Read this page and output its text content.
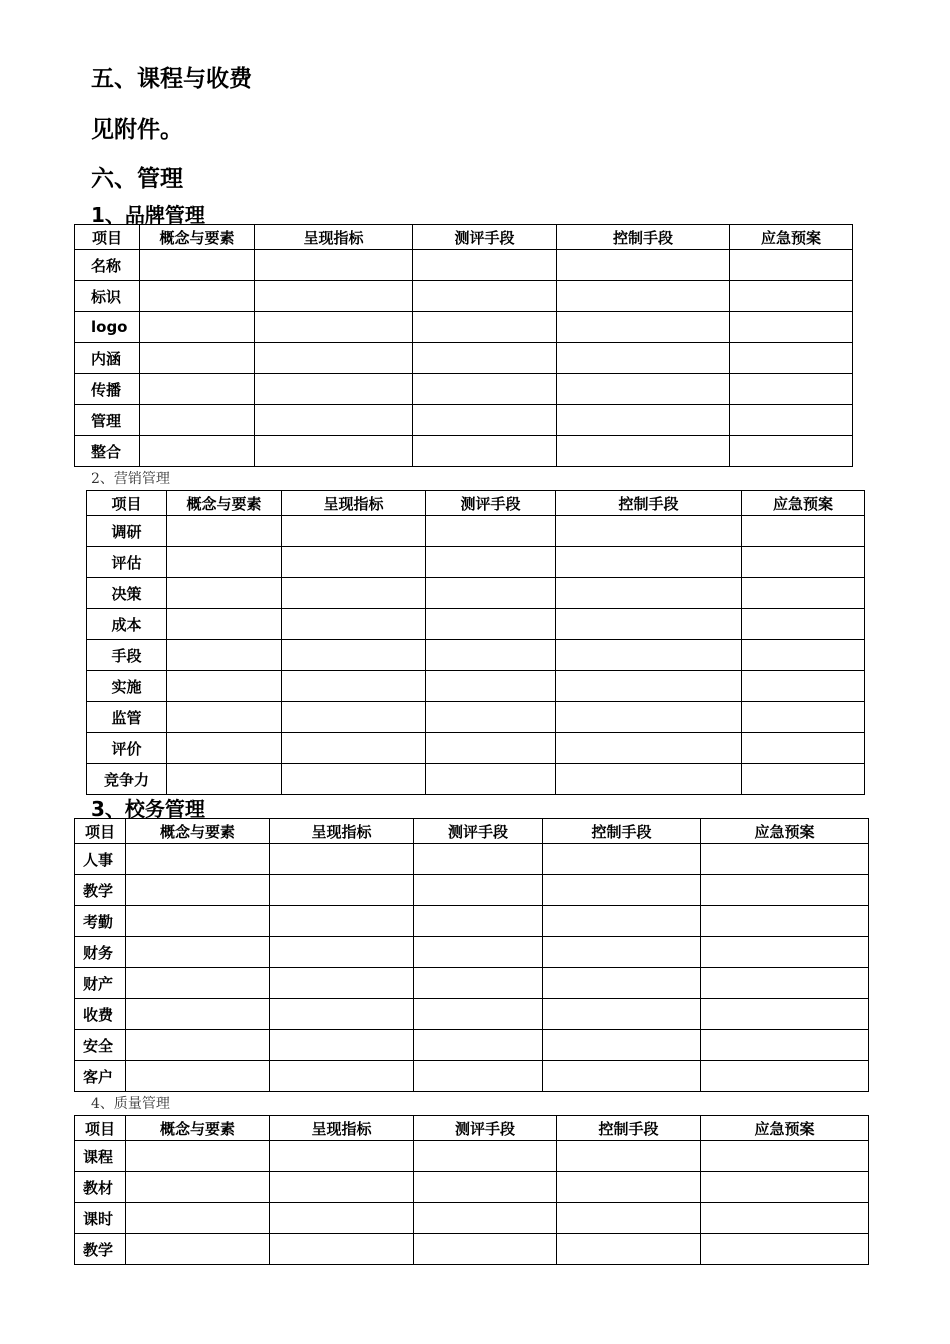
五、课程与收费
见附件。
六、管理
1、品牌管理
项目	概念与要素	呈现指标	测评手段	控制手段	应急预案
名称					
标识					
logo					
内涵					
传播					
管理					
整合					
2、营销管理
项目	概念与要素	呈现指标	测评手段	控制手段	应急预案
调研					
评估					
决策					
成本					
手段					
实施					
监管					
评价					
竞争力					
3、校务管理
项目	概念与要素	呈现指标	测评手段	控制手段	应急预案
人事					
教学					
考勤					
财务					
财产					
收费					
安全					
客户					
4、质量管理
项目	概念与要素	呈现指标	测评手段	控制手段	应急预案
课程					
教材					
课时					
教学					
